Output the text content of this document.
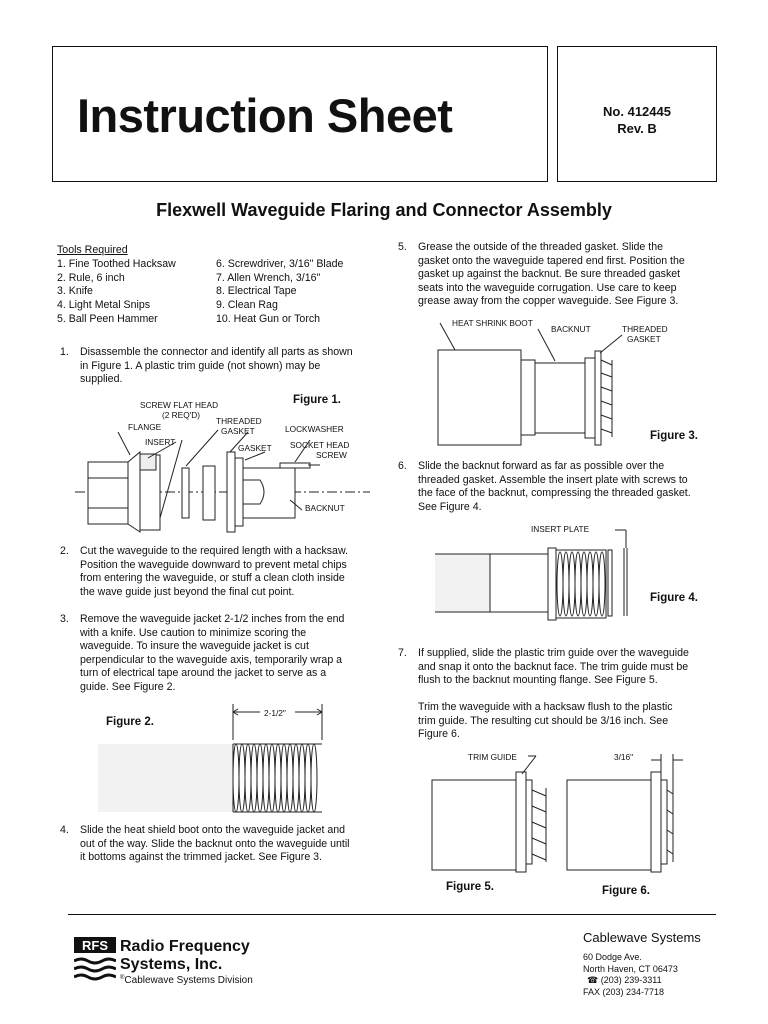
Instruction Sheet	No. 412445
Rev. B
Flexwell Waveguide Flaring and Connector Assembly
Tools Required
1. Fine Toothed Hacksaw
2. Rule, 6 inch
3. Knife
4. Light Metal Snips
5. Ball Peen Hammer
6. Screwdriver, 3/16" Blade
7. Allen Wrench, 3/16"
8. Electrical Tape
9. Clean Rag
10. Heat Gun or Torch
1. Disassemble the connector and identify all parts as shown
in Figure 1. A plastic trim guide (not shown) may be
supplied.
Figure 1.
SCREW FLAT HEAD
(2 REQ'D)
THREADED
GASKET
FLANGE	LOCKWASHER
INSERT
GASKET SOCKET HEAD
SCREW
BACKNUT
2. Cut the waveguide to the required length with a hacksaw.
Position the waveguide downward to prevent metal chips
from entering the waveguide, or stuff a clean cloth inside
the wave guide just beyond the final cut point.
3. Remove the waveguide jacket 2-1/2 inches from the end
with a knife. Use caution to minimize scoring the
waveguide. To insure the waveguide jacket is cut
perpendicular to the waveguide axis, temporarily wrap a
turn of electrical tape around the jacket to serve as a
guide. See Figure 2.
Figure 2.
2-1/2"
4. Slide the heat shield boot onto the waveguide jacket and
out of the way. Slide the backnut onto the waveguide until
it bottoms against the trimmed jacket. See Figure 3.
5. Grease the outside of the threaded gasket. Slide the
gasket onto the waveguide tapered end first. Position the
gasket up against the backnut. Be sure threaded gasket
seats into the waveguide corrugation. Use care to keep
grease away from the copper waveguide. See Figure 3.
HEAT SHRINK BOOT
BACKNUT	THREADED
GASKET
Figure 3.
6. Slide the backnut forward as far as possible over the
threaded gasket. Assemble the insert plate with screws to
the face of the backnut, compressing the threaded gasket.
See Figure 4.
INSERT PLATE
Figure 4.
7. If supplied, slide the plastic trim guide over the waveguide
and snap it onto the backnut face. The trim guide must be
flush to the backnut mounting flange. See Figure 5.
Trim the waveguide with a hacksaw flush to the plastic
trim guide. The resulting cut should be 3/16 inch. See
Figure 6.
TRIM GUIDE
Figure 5.
3/16"
Figure 6.
RFS Radio Frequency
Systems, Inc.
®Cablewave Systems Division
Cablewave Systems
60 Dodge Ave.
North Haven, CT 06473
☎ (203) 239-3311
FAX (203) 234-7718
